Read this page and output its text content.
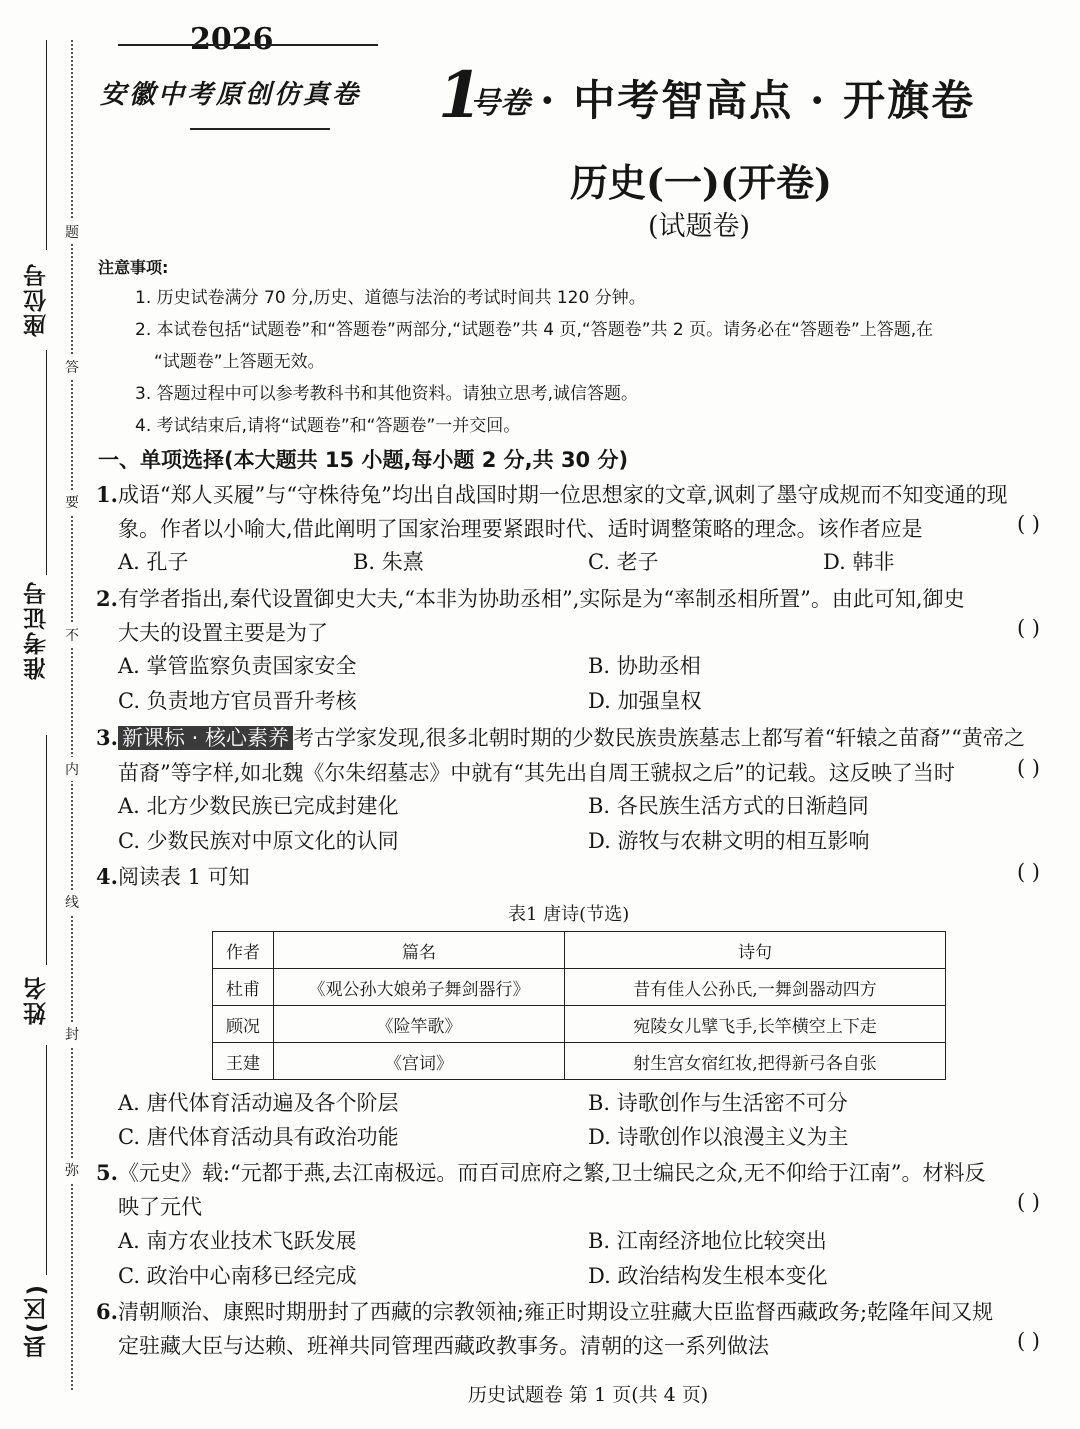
座位号
准考证号
姓名
县(区)
题
答
要
不
内
线
封
弥
2026
安徽中考原创仿真卷 1
号卷 · 中考智高点 · 开旗卷
历史(一)(开卷)
(试题卷)
注意事项:
1. 历史试卷满分 70 分,历史、道德与法治的考试时间共 120 分钟。
2. 本试卷包括“试题卷”和“答题卷”两部分,“试题卷”共 4 页,“答题卷”共 2 页。请务必在“答题卷”上答题,在
“试题卷”上答题无效。
3. 答题过程中可以参考教科书和其他资料。请独立思考,诚信答题。
4. 考试结束后,请将“试题卷”和“答题卷”一并交回。
一、单项选择(本大题共 15 小题,每小题 2 分,共 30 分)
1.成语“郑人买履”与“守株待兔”均出自战国时期一位思想家的文章,讽刺了墨守成规而不知变通的现
象。作者以小喻大,借此阐明了国家治理要紧跟时代、适时调整策略的理念。该作者应是	( )
A. 孔子	B. 朱熹	C. 老子	D. 韩非
2.有学者指出,秦代设置御史大夫,“本非为协助丞相”,实际是为“率制丞相所置”。由此可知,御史
大夫的设置主要是为了	( )
A. 掌管监察负责国家安全	B. 协助丞相
C. 负责地方官员晋升考核	D. 加强皇权
3. 新课标 · 核心素养 考古学家发现,很多北朝时期的少数民族贵族墓志上都写着“轩辕之苗裔”“黄帝之
苗裔”等字样,如北魏《尔朱绍墓志》中就有“其先出自周王虢叔之后”的记载。这反映了当时	( )
A. 北方少数民族已完成封建化	B. 各民族生活方式的日渐趋同
C. 少数民族对中原文化的认同	D. 游牧与农耕文明的相互影响
4.阅读表 1 可知	( )
表1 唐诗(节选)
作者	篇名	诗句
杜甫	《观公孙大娘弟子舞剑器行》	昔有佳人公孙氏,一舞剑器动四方
顾况	《险竿歌》	宛陵女儿擘飞手,长竿横空上下走
王建	《宫词》	射生宫女宿红妆,把得新弓各自张
A. 唐代体育活动遍及各个阶层	B. 诗歌创作与生活密不可分
C. 唐代体育活动具有政治功能	D. 诗歌创作以浪漫主义为主
5.《元史》载:“元都于燕,去江南极远。而百司庶府之繁,卫士编民之众,无不仰给于江南”。材料反
映了元代	( )
A. 南方农业技术飞跃发展	B. 江南经济地位比较突出
C. 政治中心南移已经完成	D. 政治结构发生根本变化
6.清朝顺治、康熙时期册封了西藏的宗教领袖;雍正时期设立驻藏大臣监督西藏政务;乾隆年间又规
定驻藏大臣与达赖、班禅共同管理西藏政教事务。清朝的这一系列做法	( )
历史试题卷 第 1 页(共 4 页)
